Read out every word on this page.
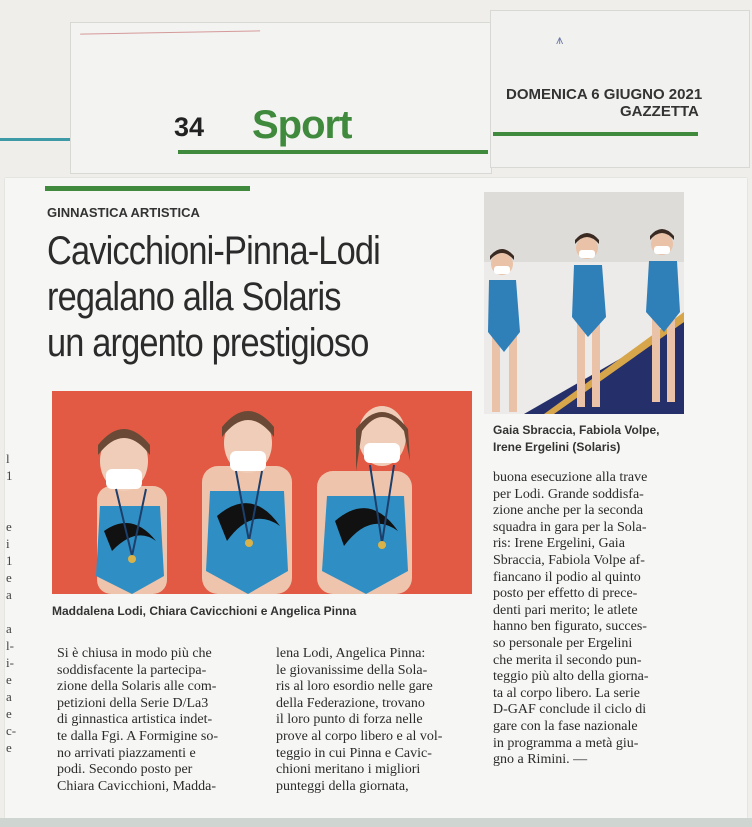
34 Sport
⩚
DOMENICA 6 GIUGNO 2021
GAZZETTA
GINNASTICA ARTISTICA
Cavicchioni-Pinna-Lodi
regalano alla Solaris
un argento prestigioso
Gaia Sbraccia, Fabiola Volpe,
Irene Ergelini (Solaris)
Maddalena Lodi, Chiara Cavicchioni e Angelica Pinna
Si è chiusa in modo più che
soddisfacente la partecipa-
zione della Solaris alle com-
petizioni della Serie D/La3
di ginnastica artistica indet-
te dalla Fgi. A Formigine so-
no arrivati piazzamenti e
podi. Secondo posto per
Chiara Cavicchioni, Madda-
lena Lodi, Angelica Pinna:
le giovanissime della Sola-
ris al loro esordio nelle gare
della Federazione, trovano
il loro punto di forza nelle
prove al corpo libero e al vol-
teggio in cui Pinna e Cavic-
chioni meritano i migliori
punteggi della giornata,
buona esecuzione alla trave
per Lodi. Grande soddisfa-
zione anche per la seconda
squadra in gara per la Sola-
ris: Irene Ergelini, Gaia
Sbraccia, Fabiola Volpe af-
fiancano il podio al quinto
posto per effetto di prece-
denti pari merito; le atlete
hanno ben figurato, succes-
so personale per Ergelini
che merita il secondo pun-
teggio più alto della giorna-
ta al corpo libero. La serie
D-GAF conclude il ciclo di
gare con la fase nazionale
in programma a metà giu-
gno a Rimini. —
l
1

e
i
1
e
a

a
l-
i-
e
a
e
c-
e
